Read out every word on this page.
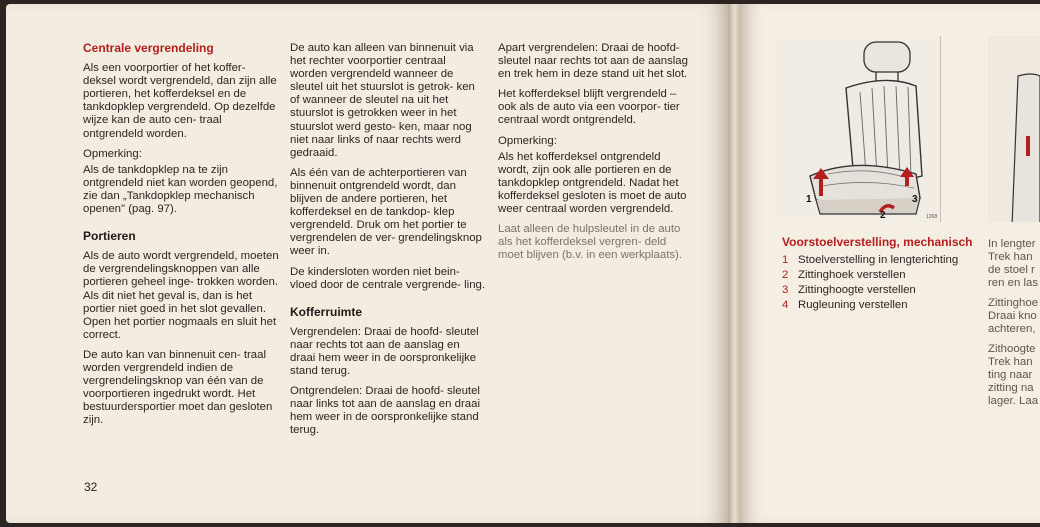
Centrale vergrendeling

Als een voorportier of het koffer- deksel wordt vergrendeld, dan zijn alle portieren, het kofferdeksel en de tankdopklep vergrendeld. Op dezelfde wijze kan de auto cen- traal ontgrendeld worden.

Opmerking:

Als de tankdopklep na te zijn ontgrendeld niet kan worden geopend, zie dan „Tankdopklep mechanisch openen" (pag. 97).

Portieren

Als de auto wordt vergrendeld, moeten de vergrendelingsknoppen van alle portieren geheel inge- trokken worden. Als dit niet het geval is, dan is het portier niet goed in het slot gevallen. Open het portier nogmaals en sluit het correct.

De auto kan van binnenuit cen- traal worden vergrendeld indien de vergrendelingsknop van één van de voorportieren ingedrukt wordt. Het bestuurdersportier moet dan gesloten zijn.

De auto kan alleen van binnenuit via het rechter voorportier centraal worden vergrendeld wanneer de sleutel uit het stuurslot is getrok- ken of wanneer de sleutel na uit het stuurslot is getrokken weer in het stuurslot werd gesto- ken, maar nog niet naar links of naar rechts werd gedraaid.

Als één van de achterportieren van binnenuit ontgrendeld wordt, dan blijven de andere portieren, het kofferdeksel en de tankdop- klep vergrendeld. Druk om het portier te vergrendelen de ver- grendelingsknop weer in.

De kindersloten worden niet bein- vloed door de centrale vergrende- ling.

Kofferruimte

Vergrendelen: Draai de hoofd- sleutel naar rechts tot aan de aanslag en draai hem weer in de oorspronkelijke stand terug.

Ontgrendelen: Draai de hoofd- sleutel naar links tot aan de aanslag en draai hem weer in de oorspronkelijke stand terug.

Apart vergrendelen: Draai de hoofd- sleutel naar rechts tot aan de aanslag en trek hem in deze stand uit het slot.

Het kofferdeksel blijft vergrendeld – ook als de auto via een voorpor- tier centraal wordt ontgrendeld.

Opmerking:

Als het kofferdeksel ontgrendeld wordt, zijn ook alle portieren en de tankdopklep ontgrendeld. Nadat het kofferdeksel gesloten is moet de auto weer centraal worden vergrendeld.

Laat alleen de hulpsleutel in de auto als het kofferdeksel vergren- deld moet blijven (b.v. in een werkplaats).

32
1
2
3
1268
Voorstoelverstelling, mechanisch
1 Stoelverstelling in lengterichting
2 Zittinghoek verstellen
3 Zittinghoogte verstellen
4 Rugleuning verstellen

In lengter
Trek han
de stoel r
ren en las

Zittinghoe
Draai kno
achteren,

Zithoogte
Trek han
ting naar
zitting na
lager. Laa
